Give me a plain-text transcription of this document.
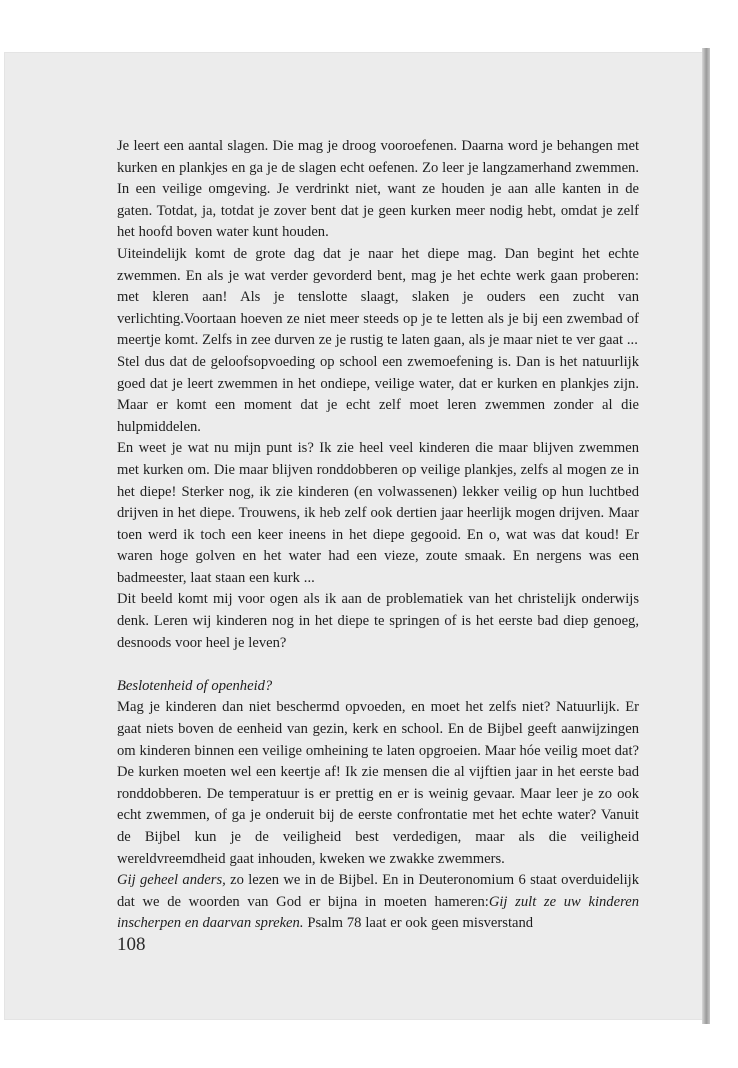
Je leert een aantal slagen. Die mag je droog vooroefenen. Daarna word je behangen met kurken en plankjes en ga je de slagen echt oefenen. Zo leer je langzamerhand zwemmen. In een veilige omgeving. Je verdrinkt niet, want ze houden je aan alle kanten in de gaten. Totdat, ja, totdat je zover bent dat je geen kurken meer nodig hebt, omdat je zelf het hoofd boven water kunt houden.

Uiteindelijk komt de grote dag dat je naar het diepe mag. Dan begint het echte zwemmen. En als je wat verder gevorderd bent, mag je het echte werk gaan proberen: met kleren aan! Als je tenslotte slaagt, slaken je ouders een zucht van verlichting.Voortaan hoeven ze niet meer steeds op je te letten als je bij een zwembad of meertje komt. Zelfs in zee durven ze je rustig te laten gaan, als je maar niet te ver gaat ...

Stel dus dat de geloofsopvoeding op school een zwemoefening is. Dan is het natuurlijk goed dat je leert zwemmen in het ondiepe, veilige water, dat er kurken en plankjes zijn. Maar er komt een moment dat je echt zelf moet leren zwemmen zonder al die hulpmiddelen.

En weet je wat nu mijn punt is? Ik zie heel veel kinderen die maar blijven zwemmen met kurken om. Die maar blijven ronddobberen op veilige plankjes, zelfs al mogen ze in het diepe! Sterker nog, ik zie kinderen (en volwassenen) lekker veilig op hun luchtbed drijven in het diepe. Trouwens, ik heb zelf ook dertien jaar heerlijk mogen drijven. Maar toen werd ik toch een keer ineens in het diepe gegooid. En o, wat was dat koud! Er waren hoge golven en het water had een vieze, zoute smaak. En nergens was een badmeester, laat staan een kurk ...

Dit beeld komt mij voor ogen als ik aan de problematiek van het christelijk onderwijs denk. Leren wij kinderen nog in het diepe te springen of is het eerste bad diep genoeg, desnoods voor heel je leven?

Beslotenheid of openheid?

Mag je kinderen dan niet beschermd opvoeden, en moet het zelfs niet? Natuurlijk. Er gaat niets boven de eenheid van gezin, kerk en school. En de Bijbel geeft aanwijzingen om kinderen binnen een veilige omheining te laten opgroeien. Maar hóe veilig moet dat? De kurken moeten wel een keertje af! Ik zie mensen die al vijftien jaar in het eerste bad ronddobberen. De temperatuur is er prettig en er is weinig gevaar. Maar leer je zo ook echt zwemmen, of ga je onderuit bij de eerste confrontatie met het echte water? Vanuit de Bijbel kun je de veiligheid best verdedigen, maar als die veiligheid wereldvreemdheid gaat inhouden, kweken we zwakke zwemmers.

Gij geheel anders, zo lezen we in de Bijbel. En in Deuteronomium 6 staat overduidelijk dat we de woorden van God er bijna in moeten hameren:Gij zult ze uw kinderen inscherpen en daarvan spreken. Psalm 78 laat er ook geen misverstand

108
